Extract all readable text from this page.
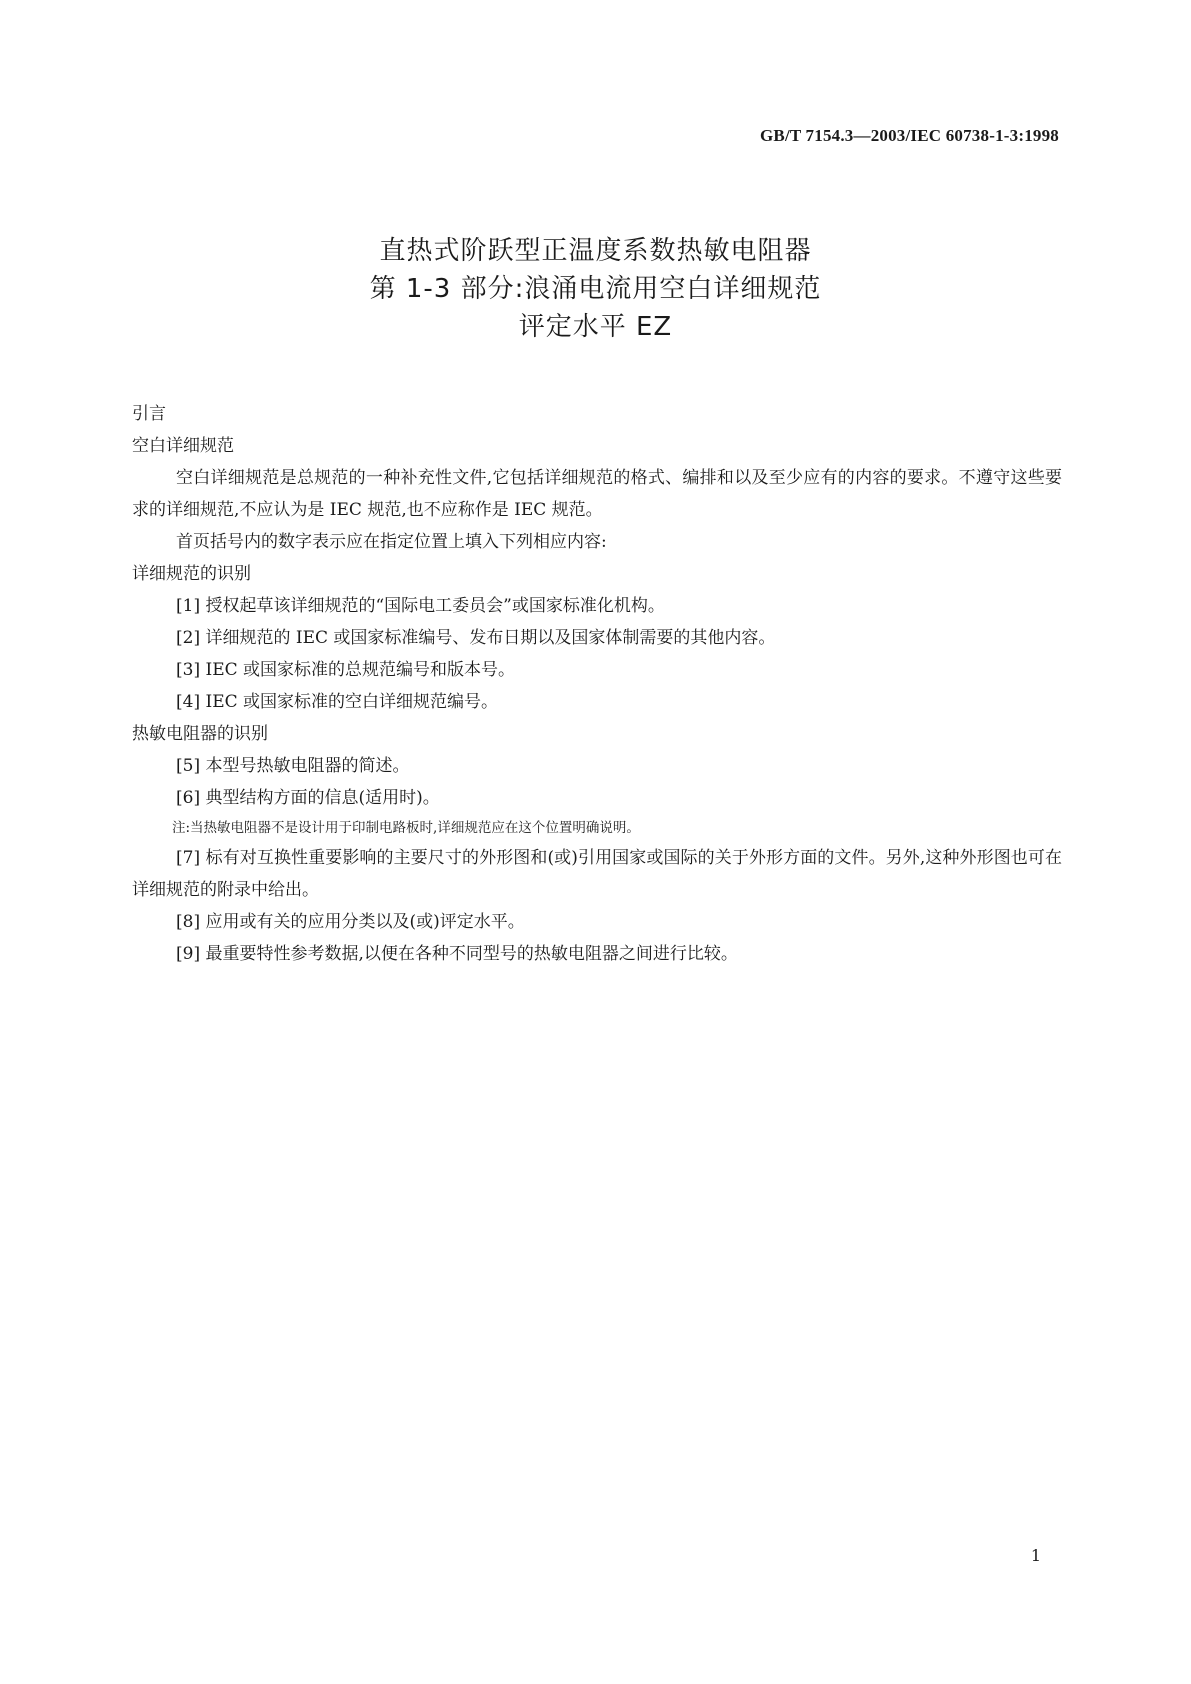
GB/T 7154.3—2003/IEC 60738-1-3:1998
直热式阶跃型正温度系数热敏电阻器
第 1-3 部分:浪涌电流用空白详细规范
评定水平 EZ
引言
空白详细规范
空白详细规范是总规范的一种补充性文件,它包括详细规范的格式、编排和以及至少应有的内容的要求。不遵守这些要求的详细规范,不应认为是 IEC 规范,也不应称作是 IEC 规范。
首页括号内的数字表示应在指定位置上填入下列相应内容:
详细规范的识别
[1] 授权起草该详细规范的“国际电工委员会”或国家标准化机构。
[2] 详细规范的 IEC 或国家标准编号、发布日期以及国家体制需要的其他内容。
[3] IEC 或国家标准的总规范编号和版本号。
[4] IEC 或国家标准的空白详细规范编号。
热敏电阻器的识别
[5] 本型号热敏电阻器的简述。
[6] 典型结构方面的信息(适用时)。
注:当热敏电阻器不是设计用于印制电路板时,详细规范应在这个位置明确说明。
[7] 标有对互换性重要影响的主要尺寸的外形图和(或)引用国家或国际的关于外形方面的文件。另外,这种外形图也可在详细规范的附录中给出。
[8] 应用或有关的应用分类以及(或)评定水平。
[9] 最重要特性参考数据,以便在各种不同型号的热敏电阻器之间进行比较。
1
